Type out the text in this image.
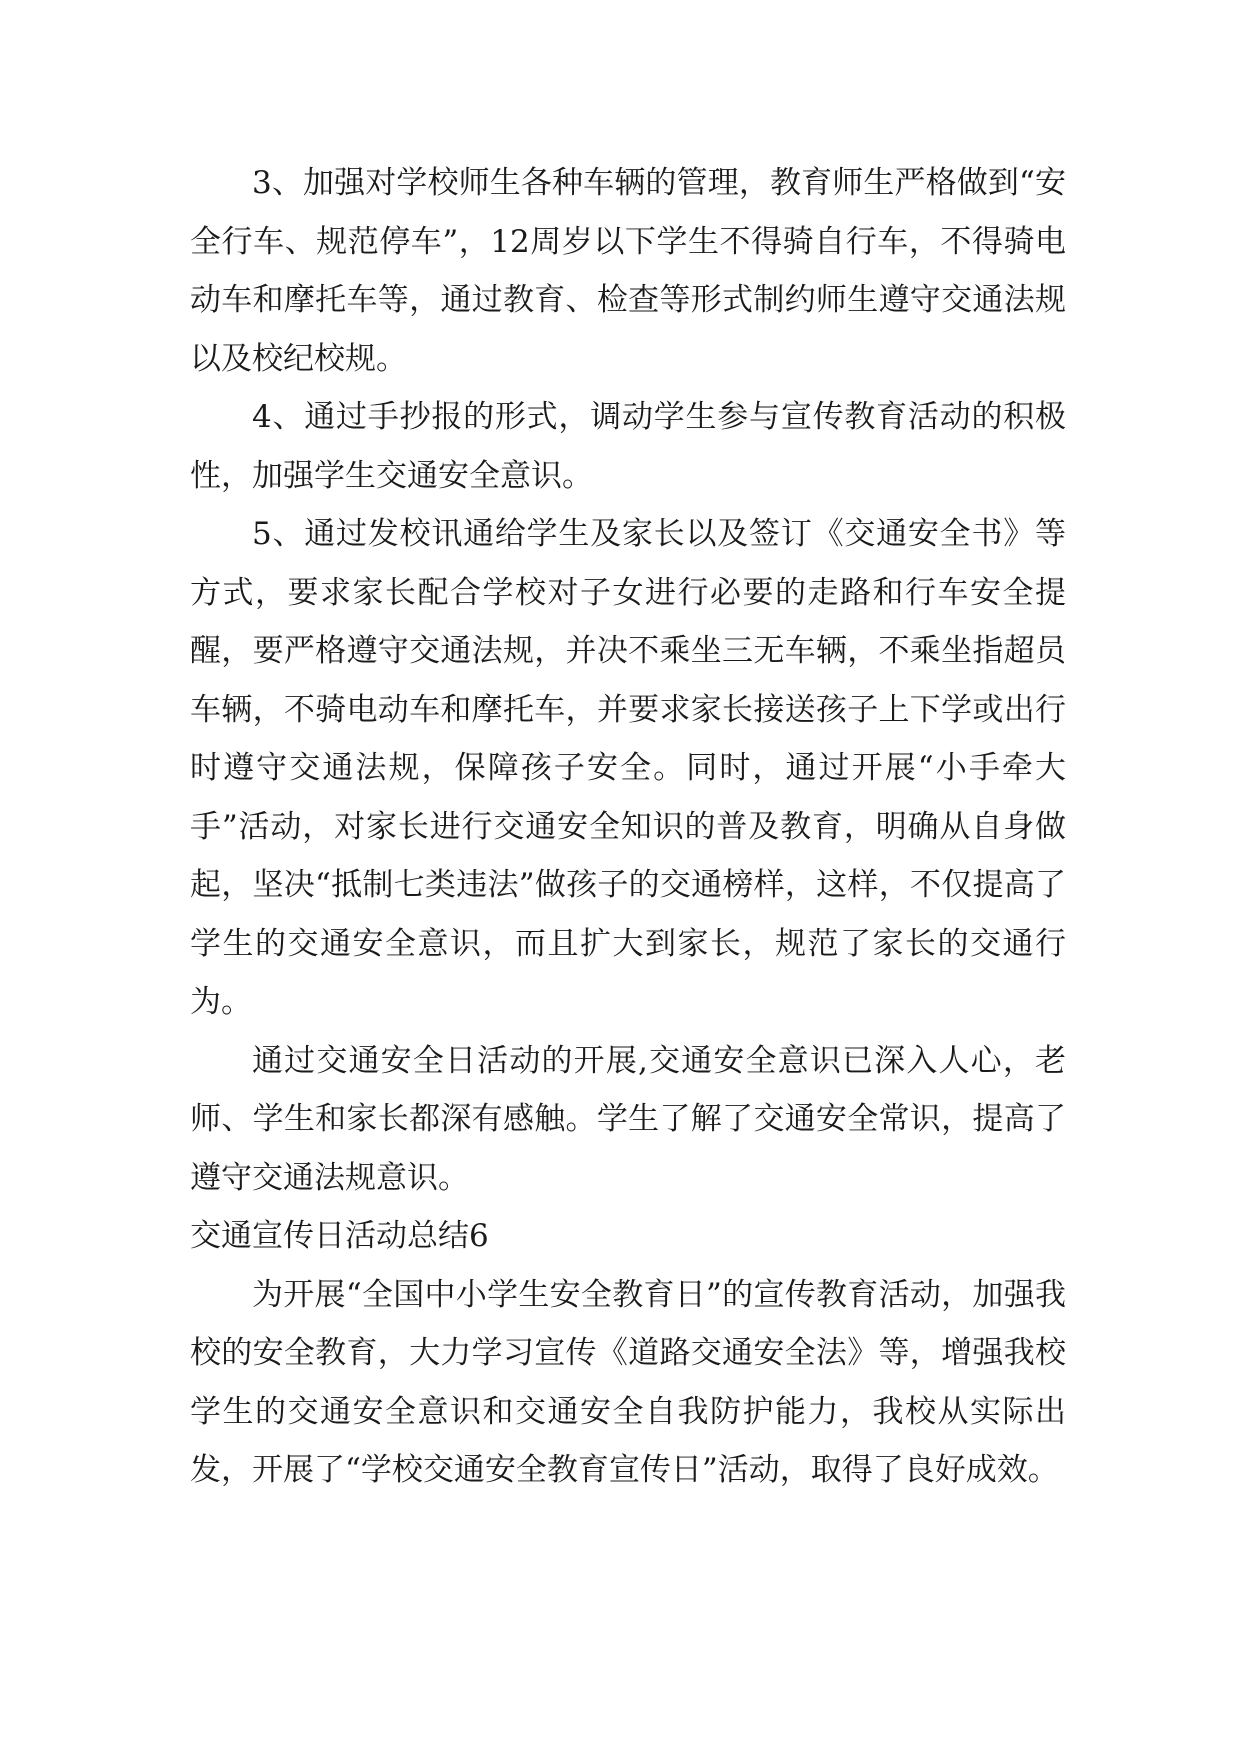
3、加强对学校师生各种车辆的管理，教育师生严格做到“安全行车、规范停车”，12周岁以下学生不得骑自行车，不得骑电动车和摩托车等，通过教育、检查等形式制约师生遵守交通法规以及校纪校规。

4、通过手抄报的形式，调动学生参与宣传教育活动的积极性，加强学生交通安全意识。

5、通过发校讯通给学生及家长以及签订《交通安全书》等方式，要求家长配合学校对子女进行必要的走路和行车安全提醒，要严格遵守交通法规，并决不乘坐三无车辆，不乘坐指超员车辆，不骑电动车和摩托车，并要求家长接送孩子上下学或出行时遵守交通法规，保障孩子安全。同时，通过开展“小手牵大手”活动，对家长进行交通安全知识的普及教育，明确从自身做起，坚决“抵制七类违法”做孩子的交通榜样，这样，不仅提高了学生的交通安全意识，而且扩大到家长，规范了家长的交通行为。

通过交通安全日活动的开展,交通安全意识已深入人心，老师、学生和家长都深有感触。学生了解了交通安全常识，提高了遵守交通法规意识。

交通宣传日活动总结6

为开展“全国中小学生安全教育日”的宣传教育活动，加强我校的安全教育，大力学习宣传《道路交通安全法》等，增强我校学生的交通安全意识和交通安全自我防护能力，我校从实际出发，开展了“学校交通安全教育宣传日”活动，取得了良好成效。
